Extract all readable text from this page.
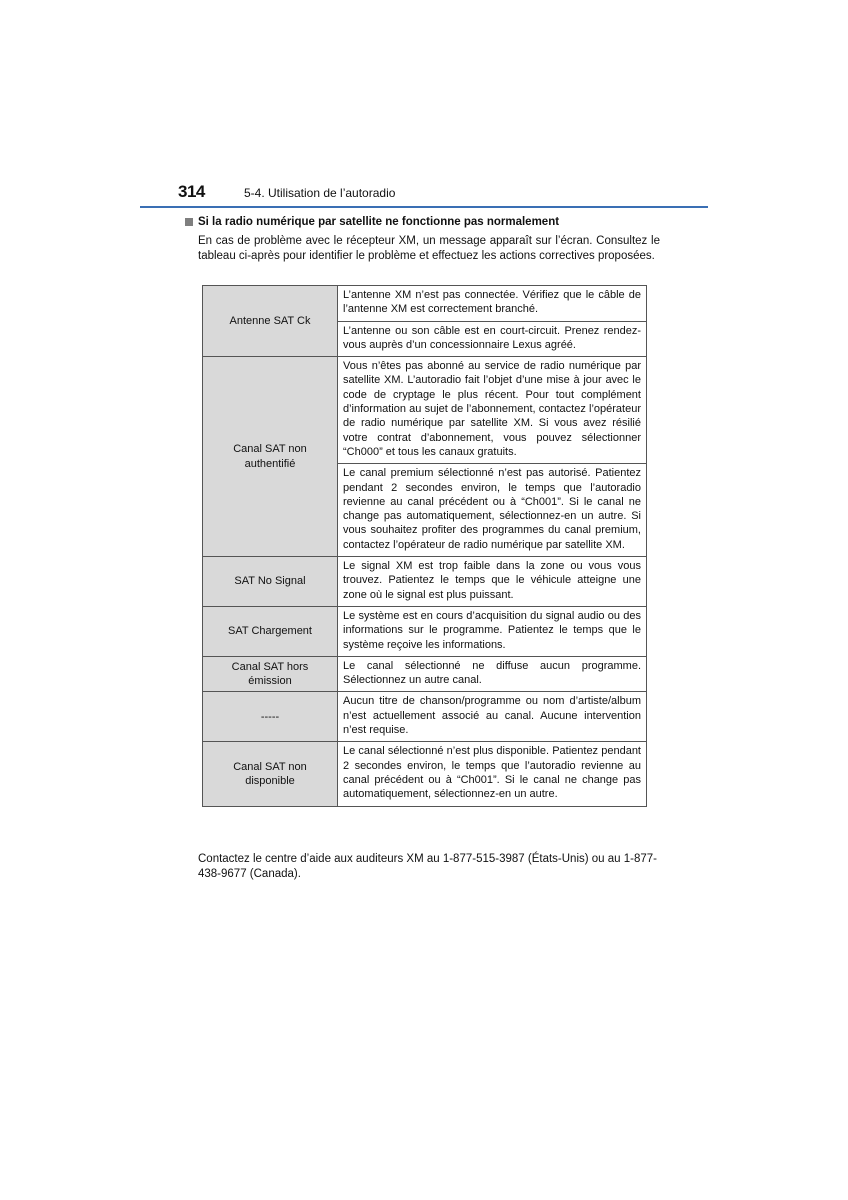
314	5-4. Utilisation de l’autoradio
Si la radio numérique par satellite ne fonctionne pas normalement
En cas de problème avec le récepteur XM, un message apparaît sur l’écran. Consultez le tableau ci-après pour identifier le problème et effectuez les actions correctives proposées.
Antenne SAT Ck	L’antenne XM n’est pas connectée. Vérifiez que le câble de l’antenne XM est correctement branché.
	L’antenne ou son câble est en court-circuit. Prenez rendez-vous auprès d’un concessionnaire Lexus agréé.
Canal SAT non authentifié	Vous n’êtes pas abonné au service de radio numérique par satellite XM. L’autoradio fait l’objet d’une mise à jour avec le code de cryptage le plus récent. Pour tout complément d’information au sujet de l’abonnement, contactez l’opérateur de radio numérique par satellite XM. Si vous avez résilié votre contrat d’abonnement, vous pouvez sélectionner “Ch000” et tous les canaux gratuits.
	Le canal premium sélectionné n’est pas autorisé. Patientez pendant 2 secondes environ, le temps que l’autoradio revienne au canal précédent ou à “Ch001”. Si le canal ne change pas automatiquement, sélectionnez-en un autre. Si vous souhaitez profiter des programmes du canal premium, contactez l’opérateur de radio numérique par satellite XM.
SAT No Signal	Le signal XM est trop faible dans la zone ou vous vous trouvez. Patientez le temps que le véhicule atteigne une zone où le signal est plus puissant.
SAT Chargement	Le système est en cours d’acquisition du signal audio ou des informations sur le programme. Patientez le temps que le système reçoive les informations.
Canal SAT hors émission	Le canal sélectionné ne diffuse aucun programme. Sélectionnez un autre canal.
-----	Aucun titre de chanson/programme ou nom d’artiste/album n’est actuellement associé au canal. Aucune intervention n’est requise.
Canal SAT non disponible	Le canal sélectionné n’est plus disponible. Patientez pendant 2 secondes environ, le temps que l’autoradio revienne au canal précédent ou à “Ch001”. Si le canal ne change pas automatiquement, sélectionnez-en un autre.
Contactez le centre d’aide aux auditeurs XM au 1-877-515-3987 (États-Unis) ou au 1-877-438-9677 (Canada).
